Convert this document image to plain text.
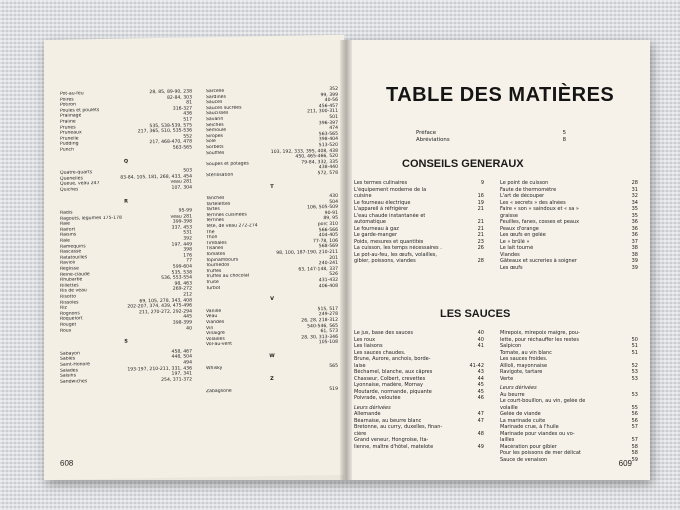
Pot-au-feu	28, 85, 89-90, 238
Poires	82-84, 303
Potiron	81
Poules et poulets	316-327
Pralinage	436
Praline	517
Prunes	535, 538-539, 575
Pruneaux	217, 365, 510, 535-536
Prunelle	552
Pudding	217, 468-470, 478
Punch	563-565
Q
Quatre-quarts	503
Quenelles	83-84, 105, 181, 268, 433, 454
Queue, veau 247	veau 281
Quiches	107, 304
R
Radis	95-99
Ragoûts, légumes 175-178	veau 281
Raie	399-398
Raifort	337, 453
Raisins	531
Râle	392
Ramequins	197, 449
Rascasse	398
Ratatouilles	176
Ravioli	77
Reglisse	599-604
Reine-claude	535, 538
Rhubarbe	536, 553-554
Rillettes	98, 463
Ris de veau	269-272
Risotto	212
Rissoles	69, 105, 278, 343, 408
Riz	202-207, 374, 439, 475-496
Rognons	211, 270-272, 292-294
Roquefort	445
Rouget	398-399
Roux	40
S
Sabayon	458, 467
Sablés	448, 504
Saint-Honoré	494
Salades	193-197, 210-211, 331, 436
Salsifis	197, 341
Sandwiches	254, 371-372
Sarcelle	352
Sardines	99, 399
Sauces	40-56
Sauces sucrées	456-457
Saucisses	211, 300-311
Savarin	501
Seiches	396-397
Semoule	474
Siropes	563-565
Sole	398-404
Sorbets	513-520
Soufflés	103, 192, 333, 395, 408, 438
450, 465-466, 520
Soupes et potages	79-84, 332, 335
438-440
Stérilisation	572, 578
T
Tanches	430
Tartelettes	504
Tartes	106, 505-509
Terrines cuisinées	90-91
Terrines	89, 95
Tête, de veau 272-274	porc 310
Thé	566-566
Thon	404-405
Timbales	77-78, 106
Tisanes	568-569
Tomates	98, 100, 187-190, 210-211
Topinambours	201
Tournedos	240-241
Truffes	63, 147-148, 337
Truffes au chocolat	526
Truite	431-432
Turbot	406-408
V
Vanille	515, 517
Veau	249-278
Viandes	26, 28, 218-312
Vin	540-546, 565
Vinaigre	61, 573
Volailles	28, 30, 313-346
Vol-au-vent	105-108
W
Whisky	565
Z
Zabaglione	519
608
TABLE DES MATIÈRES
Préface	5
Abréviations	8
CONSEILS GENERAUX
Les termes culinaires	9
L'équipement moderne de la
cuisine	16
Le fourneau électrique	19
L'appareil à réfrigérer	21
L'eau chaude instantanée et
automatique	21
Le fourneau à gaz	21
Le garde-manger	21
Poids, mesures et quantités	23
La cuisson, les temps nécessaires .	26
Le pot-au-feu, les œufs, volailles,
gibier, poissons, viandes	28
Le point de cuisson	28
Faute de thermomètre	31
L'art de découper	32
Les « secrets » des aînées	34
Faire « son » saindoux et « sa »	35
graisse	35
Feuilles, fanes, cosses et peaux	36
Peaux d'orange	36
Les œufs en gelée	36
Le « brûlé »	37
Le lait tourné	38
Viandes	38
Gâteaux et sucreries à soigner	39
Les œufs	39
LES SAUCES
Le jus, base des sauces	40
Les roux	40
Les liaisons	41
Les sauces chaudes.
Brune, Aurore, anchois, borde-
laise	41-42
Béchamel, blanche, aux câpres	43
Chasseur, Colbert, crevettes	44
Lyonnaise, madère, Mornay	45
Moutarde, normande, piquante	45
Poivrade, veloutée	46
Leurs dérivées
Allemande	47
Béarnaise, au beurre blanc	47
Bretonne, au curry, duxelles, finan-
cière	48
Grand veneur, Hongroise, Ita-
lienne, maître d'hôtel, matelote	49
Mirepoix, mirepoix maigre, pou-
lette, pour réchauffer les restes	50
Salpicon	51
Tomate, au vin blanc	51
Les sauces froides.
Aïlloli, mayonnaise	52
Ravigote, tartare	53
Verte	53
Leurs dérivées
Au beurre	53
Le court-bouillon, au vin, gelée de
volaille	55
Gelée de viande	56
La marinade cuite	56
Marinade crue, à l'huile	57
Marinade pour viandes ou vo-
lailles	57
Macération pour gibier	58
Pour les poissons de mer délicat	58
Sauce de venaison	59
609
